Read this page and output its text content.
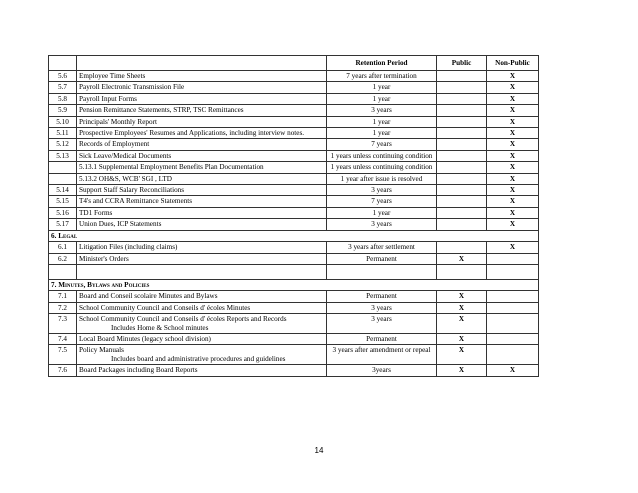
		Retention Period	Public	Non-Public
5.6	Employee Time Sheets	7 years after termination		X
5.7	Payroll Electronic Transmission File	1 year		X
5.8	Payroll Input Forms	1 year		X
5.9	Pension Remittance Statements, STRP, TSC Remittances	3 years		X
5.10	Principals' Monthly Report	1 year		X
5.11	Prospective Employees' Resumes and Applications, including interview notes.	1 year		X
5.12	Records of Employment	7 years		X
5.13	Sick Leave/Medical Documents	1 years unless continuing condition		X
	5.13.1 Supplemental Employment Benefits Plan Documentation	1 years unless continuing condition		X
	5.13.2 OH&S, WCB' SGI , LTD	1 year after issue is resolved		X
5.14	Support Staff Salary Reconciliations	3 years		X
5.15	T4's and CCRA Remittance Statements	7 years		X
5.16	TD1 Forms	1 year		X
5.17	Union Dues, ICP Statements	3 years		X
6. Legal				
6.1	Litigation Files (including claims)	3 years after settlement		X
6.2	Minister's Orders	Permanent	X	

7. Minutes, Bylaws and Policies				
7.1	Board and Conseil scolaire Minutes and Bylaws	Permanent	X	
7.2	School Community Council and Conseils d' écoles Minutes	3 years	X	
7.3	School Community Council and Conseils d' écoles Reports and Records
Includes Home & School minutes	3 years	X	
7.4	Local Board Minutes (legacy school division)	Permanent	X	
7.5	Policy Manuals
Includes board and administrative procedures and guidelines	3 years after amendment or repeal	X	
7.6	Board Packages including Board Reports	3years	X	X
14
